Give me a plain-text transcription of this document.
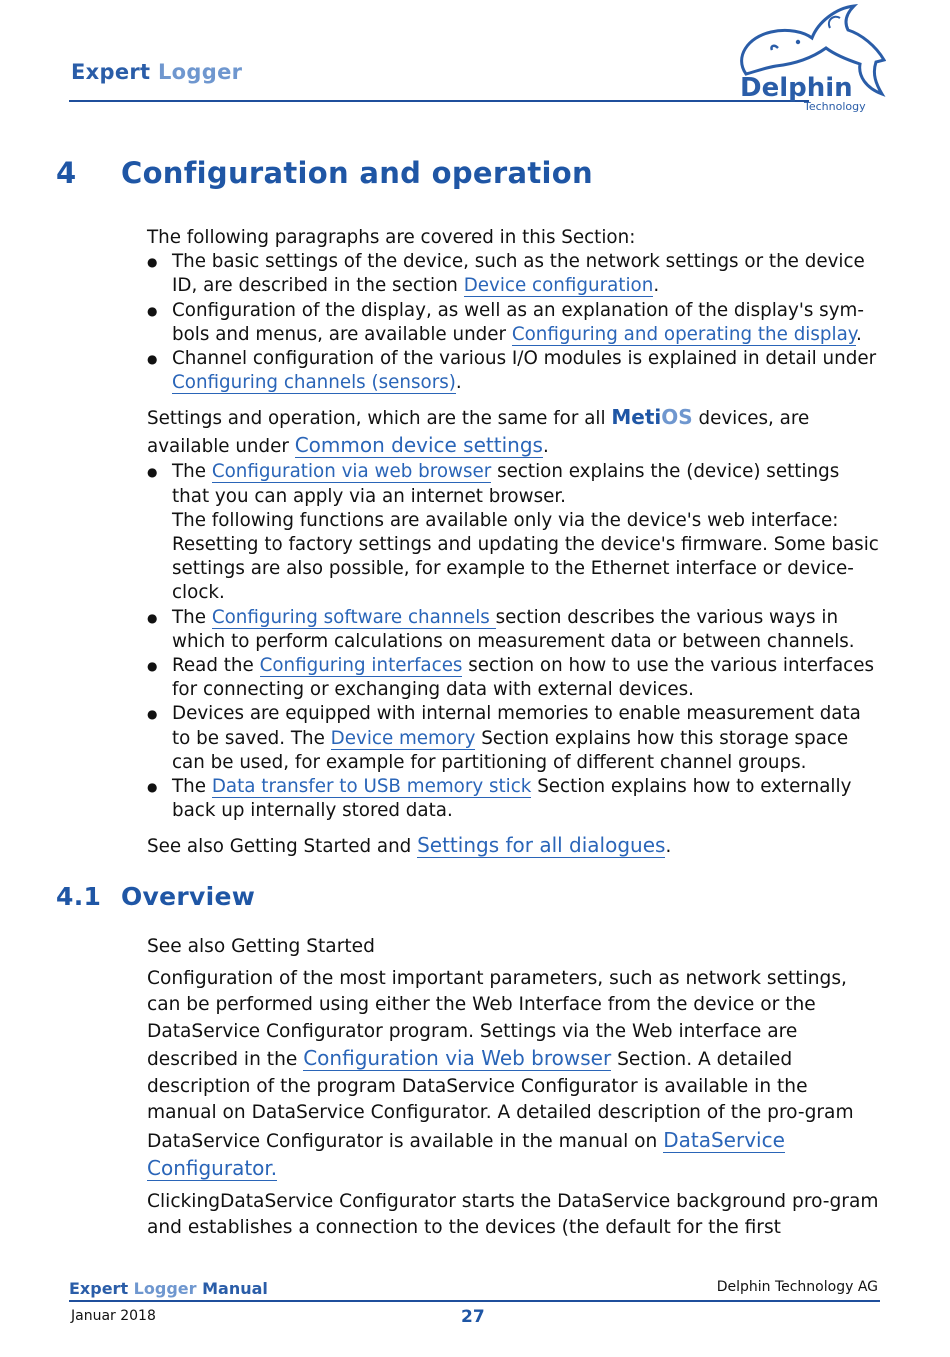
Expert Logger
Delphin
Technology
4 Configuration and operation

The following paragraphs are covered in this Section:

● The basic settings of the device, such as the network settings or the device ID, are described in the section Device configuration.
● Configuration of the display, as well as an explanation of the display's sym-bols and menus, are available under Configuring and operating the display.
● Channel configuration of the various I/O modules is explained in detail under Configuring channels (sensors).

Settings and operation, which are the same for all MetiOS devices, are available under Common device settings.

● The Configuration via web browser section explains the (device) settings that you can apply via an internet browser.
The following functions are available only via the device's web interface: Resetting to factory settings and updating the device's firmware. Some basic settings are also possible, for example to the Ethernet interface or device-clock.
● The Configuring software channels section describes the various ways in which to perform calculations on measurement data or between channels.
● Read the Configuring interfaces section on how to use the various interfaces for connecting or exchanging data with external devices.
● Devices are equipped with internal memories to enable measurement data to be saved. The Device memory Section explains how this storage space can be used, for example for partitioning of different channel groups.
● The Data transfer to USB memory stick Section explains how to externally back up internally stored data.

See also Getting Started and Settings for all dialogues.

4.1 Overview

See also Getting Started

Configuration of the most important parameters, such as network settings, can be performed using either the Web Interface from the device or the DataService Configurator program. Settings via the Web interface are described in the Configuration via Web browser Section. A detailed description of the program DataService Configurator is available in the manual on DataService Configurator. A detailed description of the pro-gram DataService Configurator is available in the manual on DataService Configurator.

ClickingDataService Configurator starts the DataService background pro-gram and establishes a connection to the devices (the default for the first

Expert Logger Manual	Delphin Technology AG
Januar 2018	27
